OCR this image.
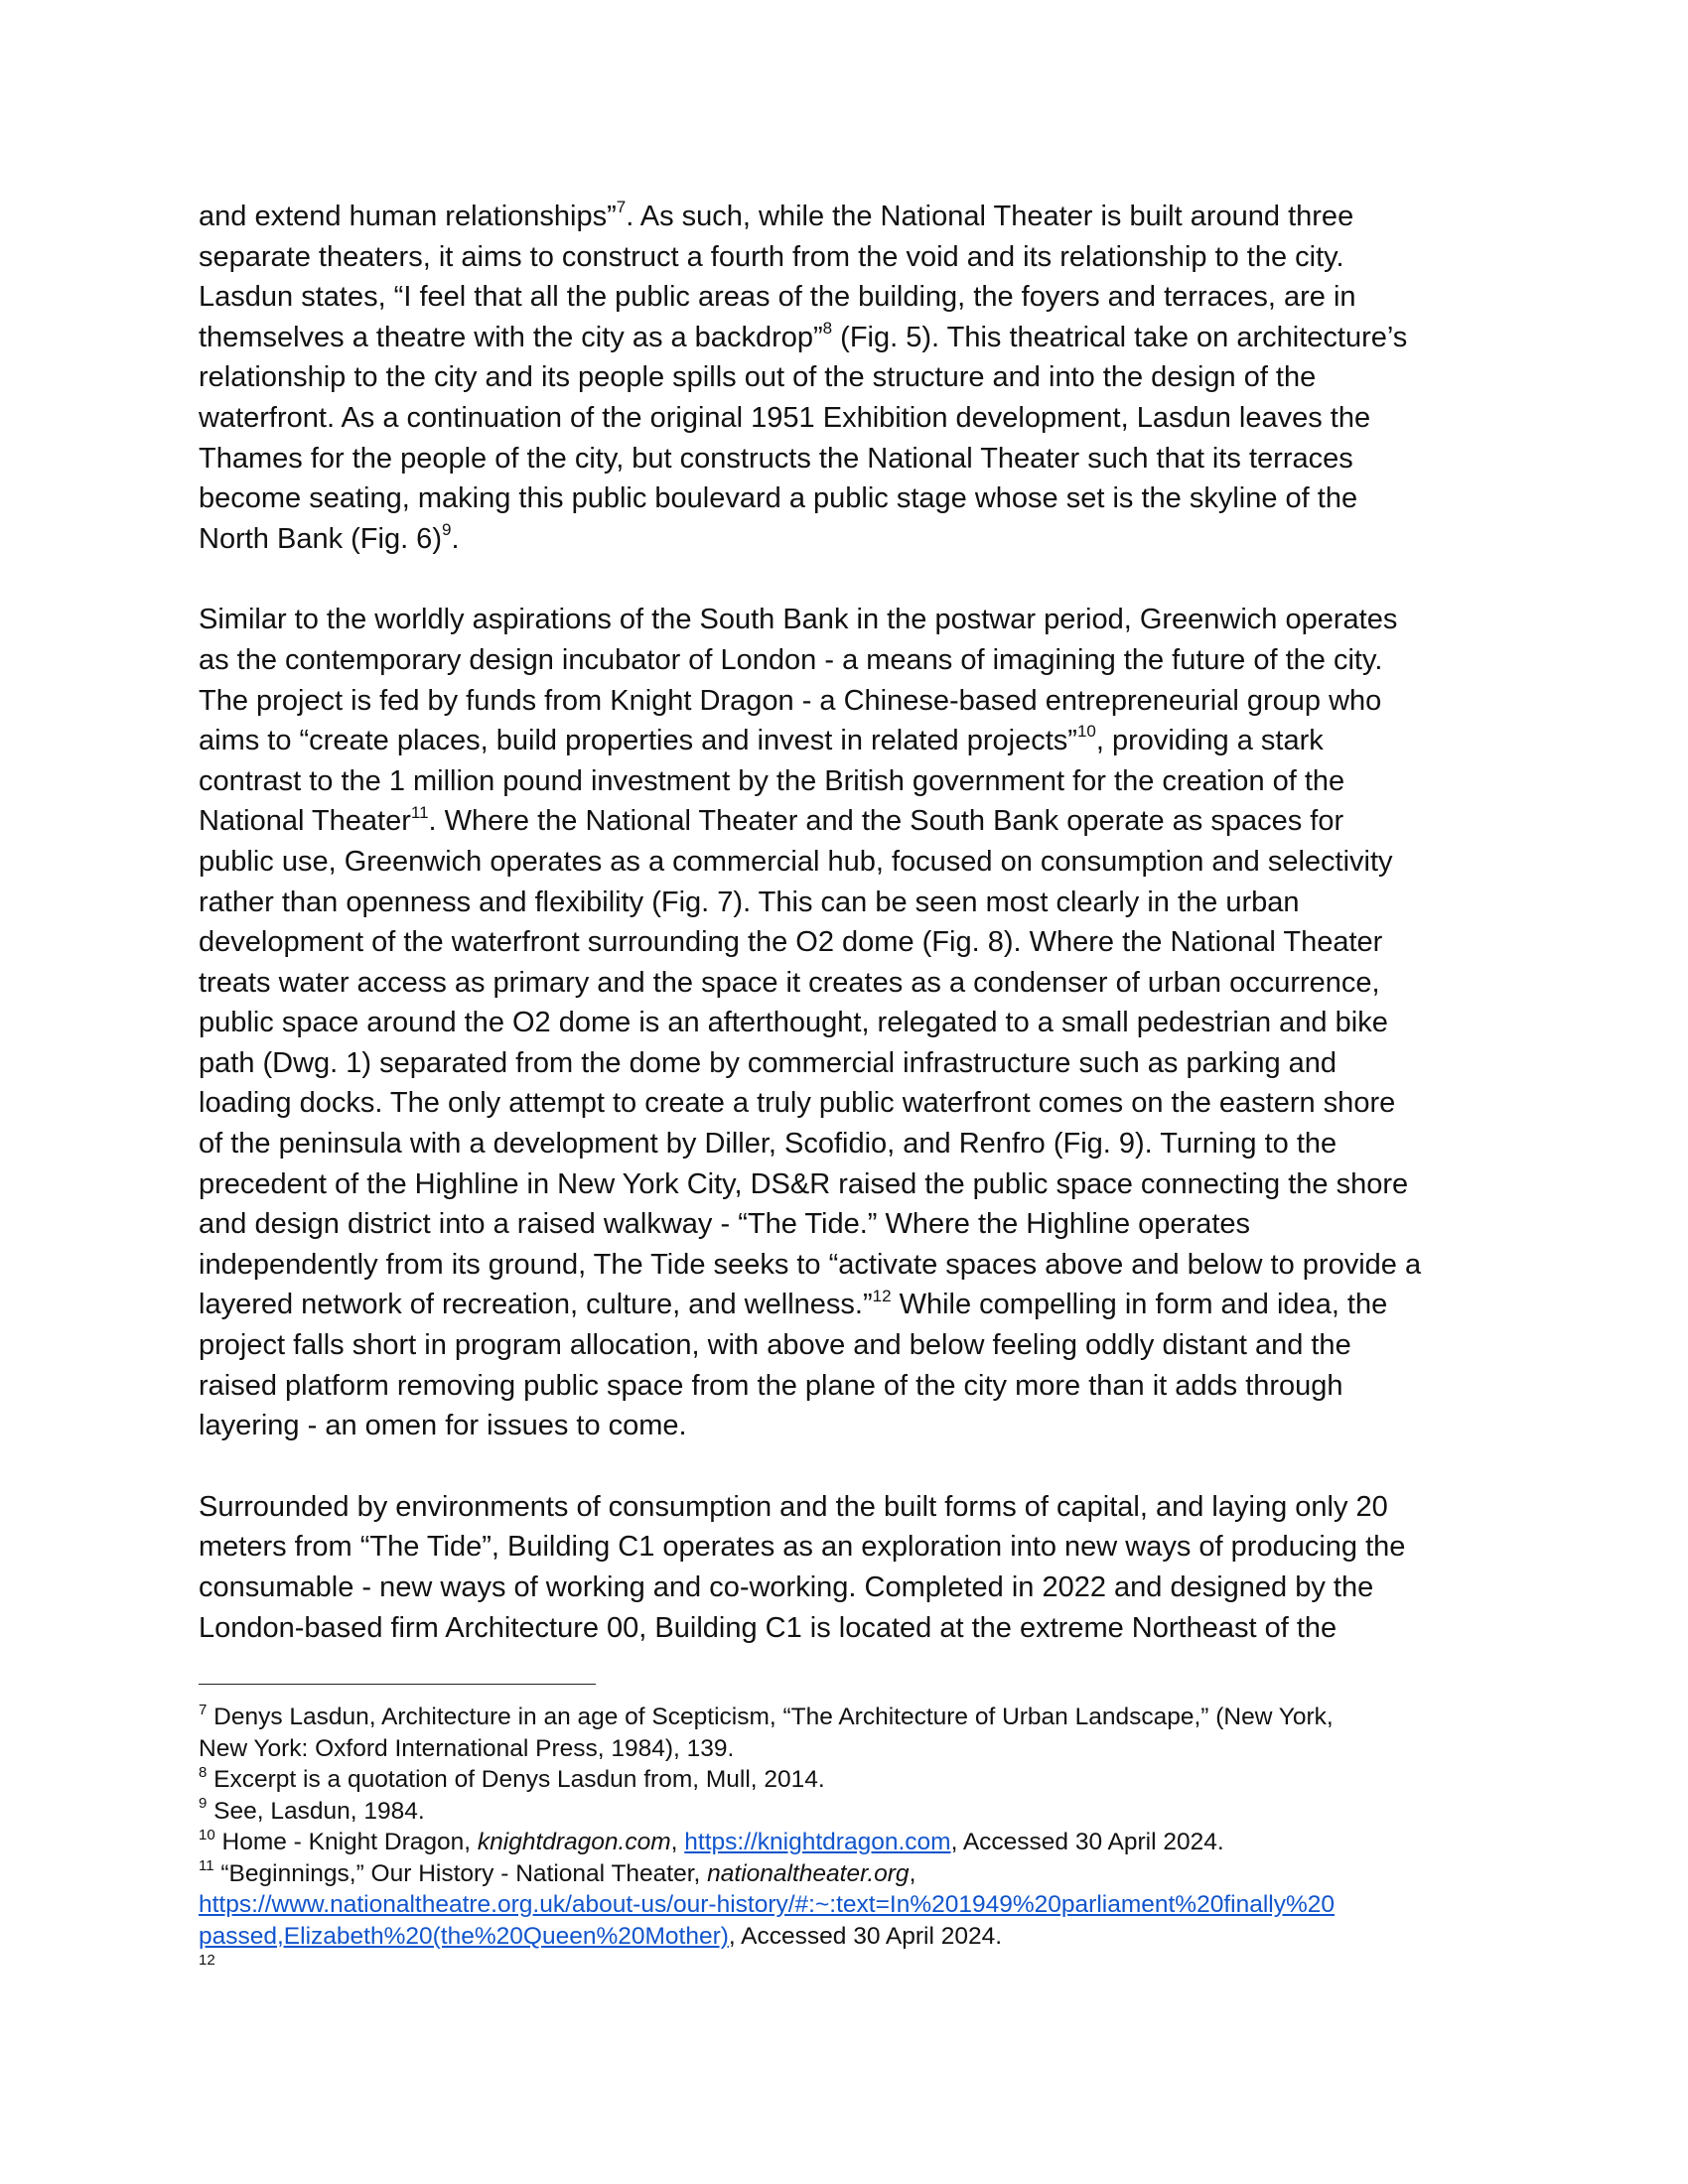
and extend human relationships”$^7$. As such, while the National Theater is built around three
separate theaters, it aims to construct a fourth from the void and its relationship to the city.
Lasdun states, “I feel that all the public areas of the building, the foyers and terraces, are in
themselves a theatre with the city as a backdrop”$^8$ (Fig. 5). This theatrical take on architecture’s
relationship to the city and its people spills out of the structure and into the design of the
waterfront. As a continuation of the original 1951 Exhibition development, Lasdun leaves the
Thames for the people of the city, but constructs the National Theater such that its terraces
become seating, making this public boulevard a public stage whose set is the skyline of the
North Bank (Fig. 6)$^9$.

Similar to the worldly aspirations of the South Bank in the postwar period, Greenwich operates
as the contemporary design incubator of London - a means of imagining the future of the city.
The project is fed by funds from Knight Dragon - a Chinese-based entrepreneurial group who
aims to “create places, build properties and invest in related projects”$^{10}$, providing a stark
contrast to the 1 million pound investment by the British government for the creation of the
National Theater$^{11}$. Where the National Theater and the South Bank operate as spaces for
public use, Greenwich operates as a commercial hub, focused on consumption and selectivity
rather than openness and flexibility (Fig. 7). This can be seen most clearly in the urban
development of the waterfront surrounding the O2 dome (Fig. 8). Where the National Theater
treats water access as primary and the space it creates as a condenser of urban occurrence,
public space around the O2 dome is an afterthought, relegated to a small pedestrian and bike
path (Dwg. 1) separated from the dome by commercial infrastructure such as parking and
loading docks. The only attempt to create a truly public waterfront comes on the eastern shore
of the peninsula with a development by Diller, Scofidio, and Renfro (Fig. 9). Turning to the
precedent of the Highline in New York City, DS&R raised the public space connecting the shore
and design district into a raised walkway - “The Tide.” Where the Highline operates
independently from its ground, The Tide seeks to “activate spaces above and below to provide a
layered network of recreation, culture, and wellness.”$^{12}$ While compelling in form and idea, the
project falls short in program allocation, with above and below feeling oddly distant and the
raised platform removing public space from the plane of the city more than it adds through
layering - an omen for issues to come.

Surrounded by environments of consumption and the built forms of capital, and laying only 20
meters from “The Tide”, Building C1 operates as an exploration into new ways of producing the
consumable - new ways of working and co-working. Completed in 2022 and designed by the
London-based firm Architecture 00, Building C1 is located at the extreme Northeast of the

$^7$ Denys Lasdun, Architecture in an age of Scepticism, “The Architecture of Urban Landscape,” (New York,
New York: Oxford International Press, 1984), 139.
$^8$ Excerpt is a quotation of Denys Lasdun from, Mull, 2014.
$^9$ See, Lasdun, 1984.
$^{10}$ Home - Knight Dragon, knightdragon.com, https://knightdragon.com, Accessed 30 April 2024.
$^{11}$ “Beginnings,” Our History - National Theater, nationaltheater.org,
https://www.nationaltheatre.org.uk/about-us/our-history/#:~:text=In%201949%20parliament%20finally%20
passed,Elizabeth%20(the%20Queen%20Mother), Accessed 30 April 2024.
12
